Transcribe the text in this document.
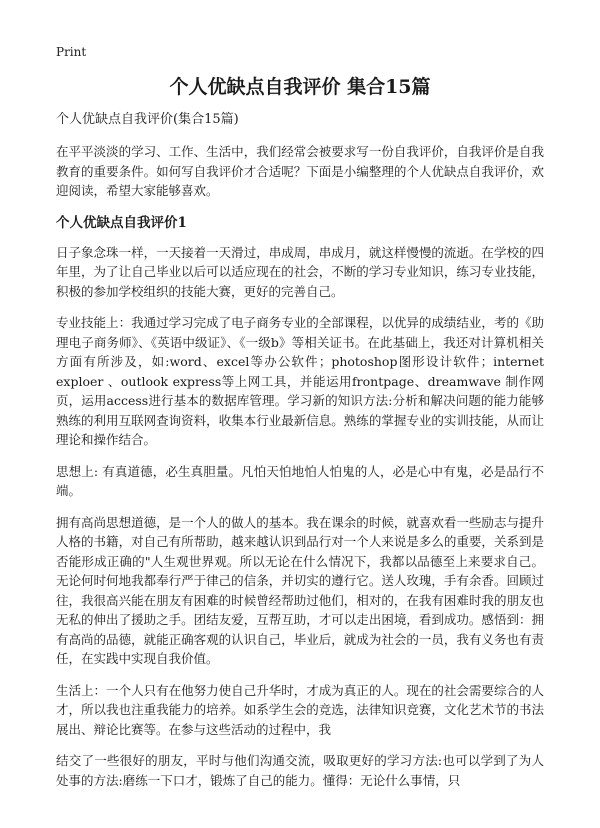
Print
个人优缺点自我评价 集合15篇

个人优缺点自我评价(集合15篇)

在平平淡淡的学习、工作、生活中，我们经常会被要求写一份自我评价，自我评价是自我教育的重要条件。如何写自我评价才合适呢？下面是小编整理的个人优缺点自我评价，欢迎阅读，希望大家能够喜欢。

个人优缺点自我评价1

日子象念珠一样，一天接着一天滑过，串成周，串成月，就这样慢慢的流逝。在学校的四年里，为了让自己毕业以后可以适应现在的社会，不断的学习专业知识，练习专业技能，积极的参加学校组织的技能大赛，更好的完善自己。

专业技能上：我通过学习完成了电子商务专业的全部课程，以优异的成绩结业，考的《助理电子商务师》、《英语中级证》、《一级b》等相关证书。在此基础上，我还对计算机相关方面有所涉及，如:word、excel等办公软件；photoshop图形设计软件；internet exploer 、outlook express等上网工具，并能运用frontpage、dreamwave 制作网页，运用access进行基本的数据库管理。学习新的知识方法:分析和解决问题的能力能够熟练的利用互联网查询资料，收集本行业最新信息。熟练的掌握专业的实训技能，从而让理论和操作结合。

思想上: 有真道德，必生真胆量。凡怕天怕地怕人怕鬼的人，必是心中有鬼，必是品行不端。

拥有高尚思想道德，是一个人的做人的基本。我在课余的时候，就喜欢看一些励志与提升人格的书籍，对自己有所帮助，越来越认识到品行对一个人来说是多么的重要，关系到是否能形成正确的"人生观世界观。所以无论在什么情况下，我都以品德至上来要求自己。无论何时何地我都奉行严于律己的信条，并切实的遵行它。送人玫瑰，手有余香。回顾过往，我很高兴能在朋友有困难的时候曾经帮助过他们，相对的，在我有困难时我的朋友也无私的伸出了援助之手。团结友爱，互帮互助，才可以走出困境，看到成功。感悟到：拥有高尚的品德，就能正确客观的认识自己，毕业后，就成为社会的一员，我有义务也有责任，在实践中实现自我价值。

生活上：一个人只有在他努力使自己升华时，才成为真正的人。现在的社会需要综合的人才，所以我也注重我能力的培养。如系学生会的竞选，法律知识竞赛，文化艺术节的书法展出、辩论比赛等。在参与这些活动的过程中，我

结交了一些很好的朋友，平时与他们沟通交流，吸取更好的学习方法:也可以学到了为人处事的方法:磨练一下口才，锻炼了自己的能力。懂得：无论什么事情，只
